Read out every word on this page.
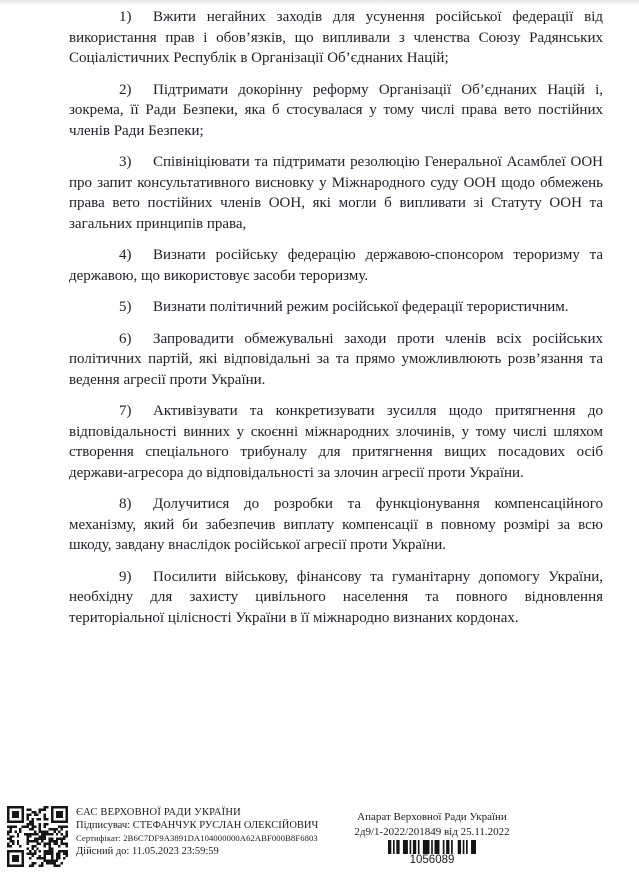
1) Вжити негайних заходів для усунення російської федерації від використання прав і обов’язків, що випливали з членства Союзу Радянських Соціалістичних Республік в Організації Об’єднаних Націй;

2) Підтримати докорінну реформу Організації Об’єднаних Націй і, зокрема, її Ради Безпеки, яка б стосувалася у тому числі права вето постійних членів Ради Безпеки;

3) Співініціювати та підтримати резолюцію Генеральної Асамблеї ООН про запит консультативного висновку у Міжнародного суду ООН щодо обмежень права вето постійних членів ООН, які могли б випливати зі Статуту ООН та загальних принципів права,

4) Визнати російську федерацію державою-спонсором тероризму та державою, що використовує засоби тероризму.

5) Визнати політичний режим російської федерації терористичним.

6) Запровадити обмежувальні заходи проти членів всіх російських політичних партій, які відповідальні за та прямо уможливлюють розв’язання та ведення агресії проти України.

7) Активізувати та конкретизувати зусилля щодо притягнення до відповідальності винних у скоєнні міжнародних злочинів, у тому числі шляхом створення спеціального трибуналу для притягнення вищих посадових осіб держави-агресора до відповідальності за злочин агресії проти України.

8) Долучитися до розробки та функціонування компенсаційного механізму, який би забезпечив виплату компенсації в повному розмірі за всю шкоду, завдану внаслідок російської агресії проти України.

9) Посилити військову, фінансову та гуманітарну допомогу України, необхідну для захисту цивільного населення та повного відновлення територіальної цілісності України в її міжнародно визнаних кордонах.

ЄАС ВЕРХОВНОЇ РАДИ УКРАЇНИ
Підписувач: СТЕФАНЧУК РУСЛАН ОЛЕКСІЙОВИЧ
Сертифікат: 2B6C7DF9A3891DA104000000A62ABF000B8F6803
Дійсний до: 11.05.2023 23:59:59
Апарат Верховної Ради України
2д9/1-2022/201849 від 25.11.2022
1056089
